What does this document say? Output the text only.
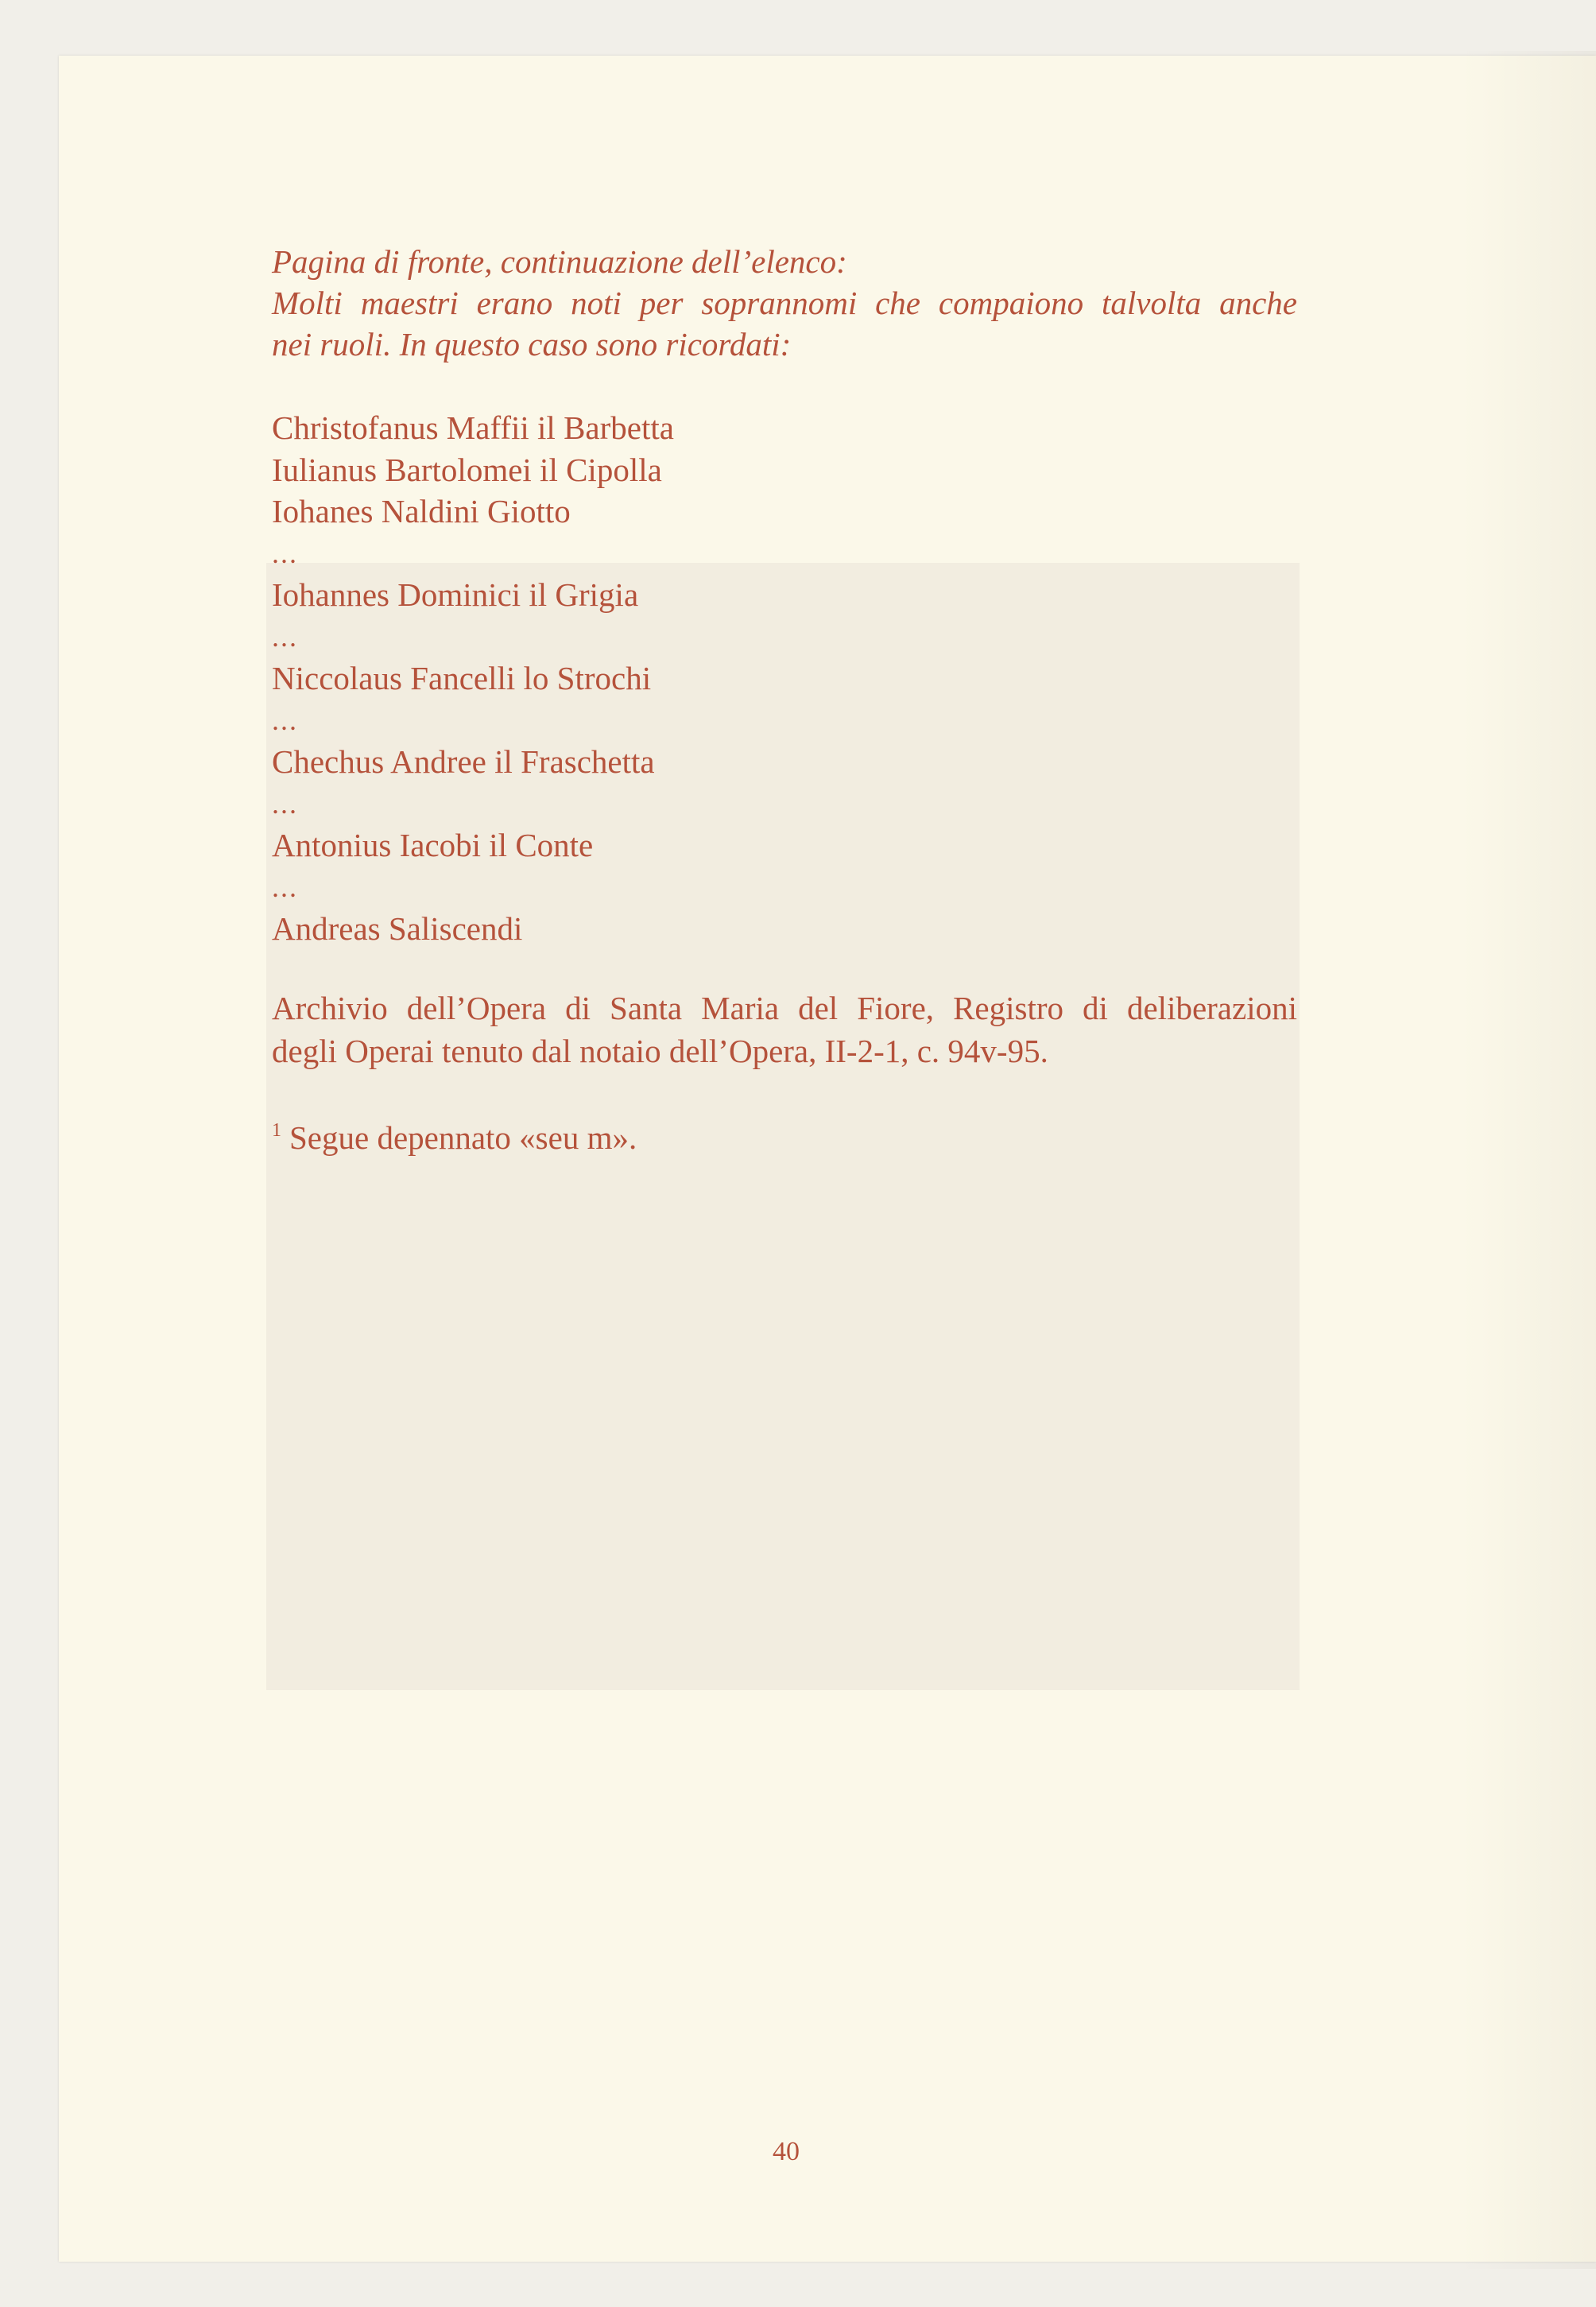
Pagina di fronte, continuazione dell’elenco:

Molti maestri erano noti per soprannomi che compaiono talvolta anche
nei ruoli. In questo caso sono ricordati:

Christofanus Maffii il Barbetta
Iulianus Bartolomei il Cipolla
Iohanes Naldini Giotto
...
Iohannes Dominici il Grigia
...
Niccolaus Fancelli lo Strochi
...
Chechus Andree il Fraschetta
...
Antonius Iacobi il Conte
...
Andreas Saliscendi
Archivio dell’Opera di Santa Maria del Fiore, Registro di deliberazioni
degli Operai tenuto dal notaio dell’Opera, II-2-1, c. 94v-95.
$^1$ Segue depennato «seu m».
40
